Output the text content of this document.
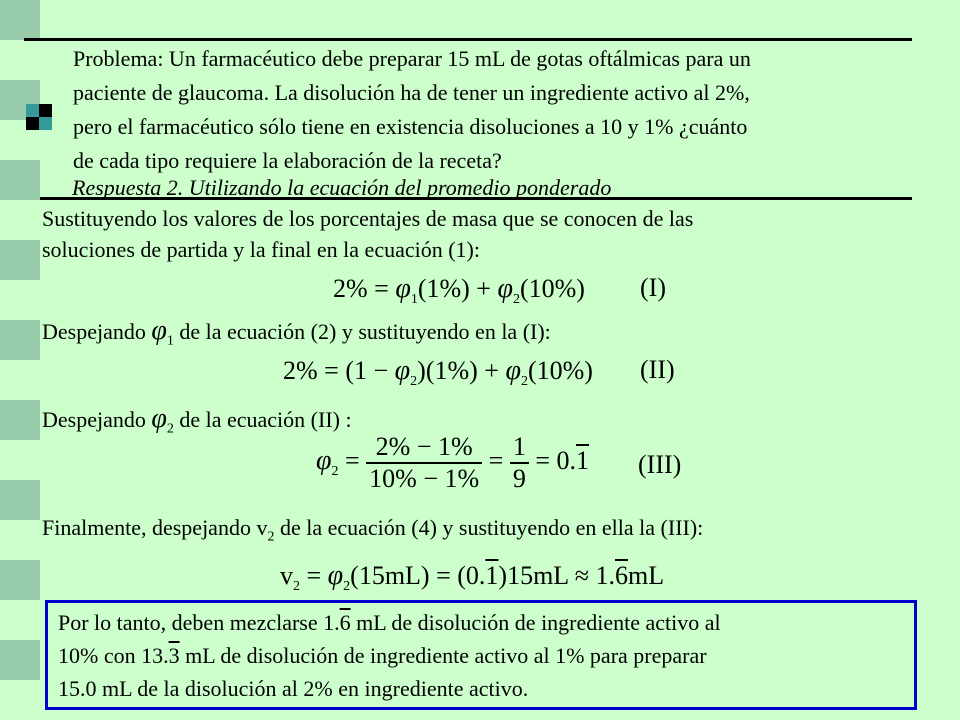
Problema: Un farmacéutico debe preparar 15 mL de gotas oftálmicas para un
paciente de glaucoma. La disolución ha de tener un ingrediente activo al 2%,
pero el farmacéutico sólo tiene en existencia disoluciones a 10 y 1% ¿cuánto
de cada tipo requiere la elaboración de la receta?
Respuesta 2. Utilizando la ecuación del promedio ponderado
Sustituyendo los valores de los porcentajes de masa que se conocen de las
soluciones de partida y la final en la ecuación (1):
$2\% = \varphi_1(1\%) + \varphi_2(10\%)$ (I)
Despejando $\varphi_1$ de la ecuación (2) y sustituyendo en la (I):
$2\% = (1 - \varphi_2)(1\%) + \varphi_2(10\%)$ (II)
Despejando $\varphi_2$ de la ecuación (II) :
$\varphi_2 = \frac{2\% - 1\%}{10\% - 1\%} = \frac{1}{9} = 0.1$ (III)
Finalmente, despejando $v_2$ de la ecuación (4) y sustituyendo en ella la (III):
$v_2 = \varphi_2(15mL) = (0.1)15mL \approx 1.6mL$
Por lo tanto, deben mezclarse 1.6 mL de disolución de ingrediente activo al
10% con 13.3 mL de disolución de ingrediente activo al 1% para preparar
15.0 mL de la disolución al 2% en ingrediente activo.
